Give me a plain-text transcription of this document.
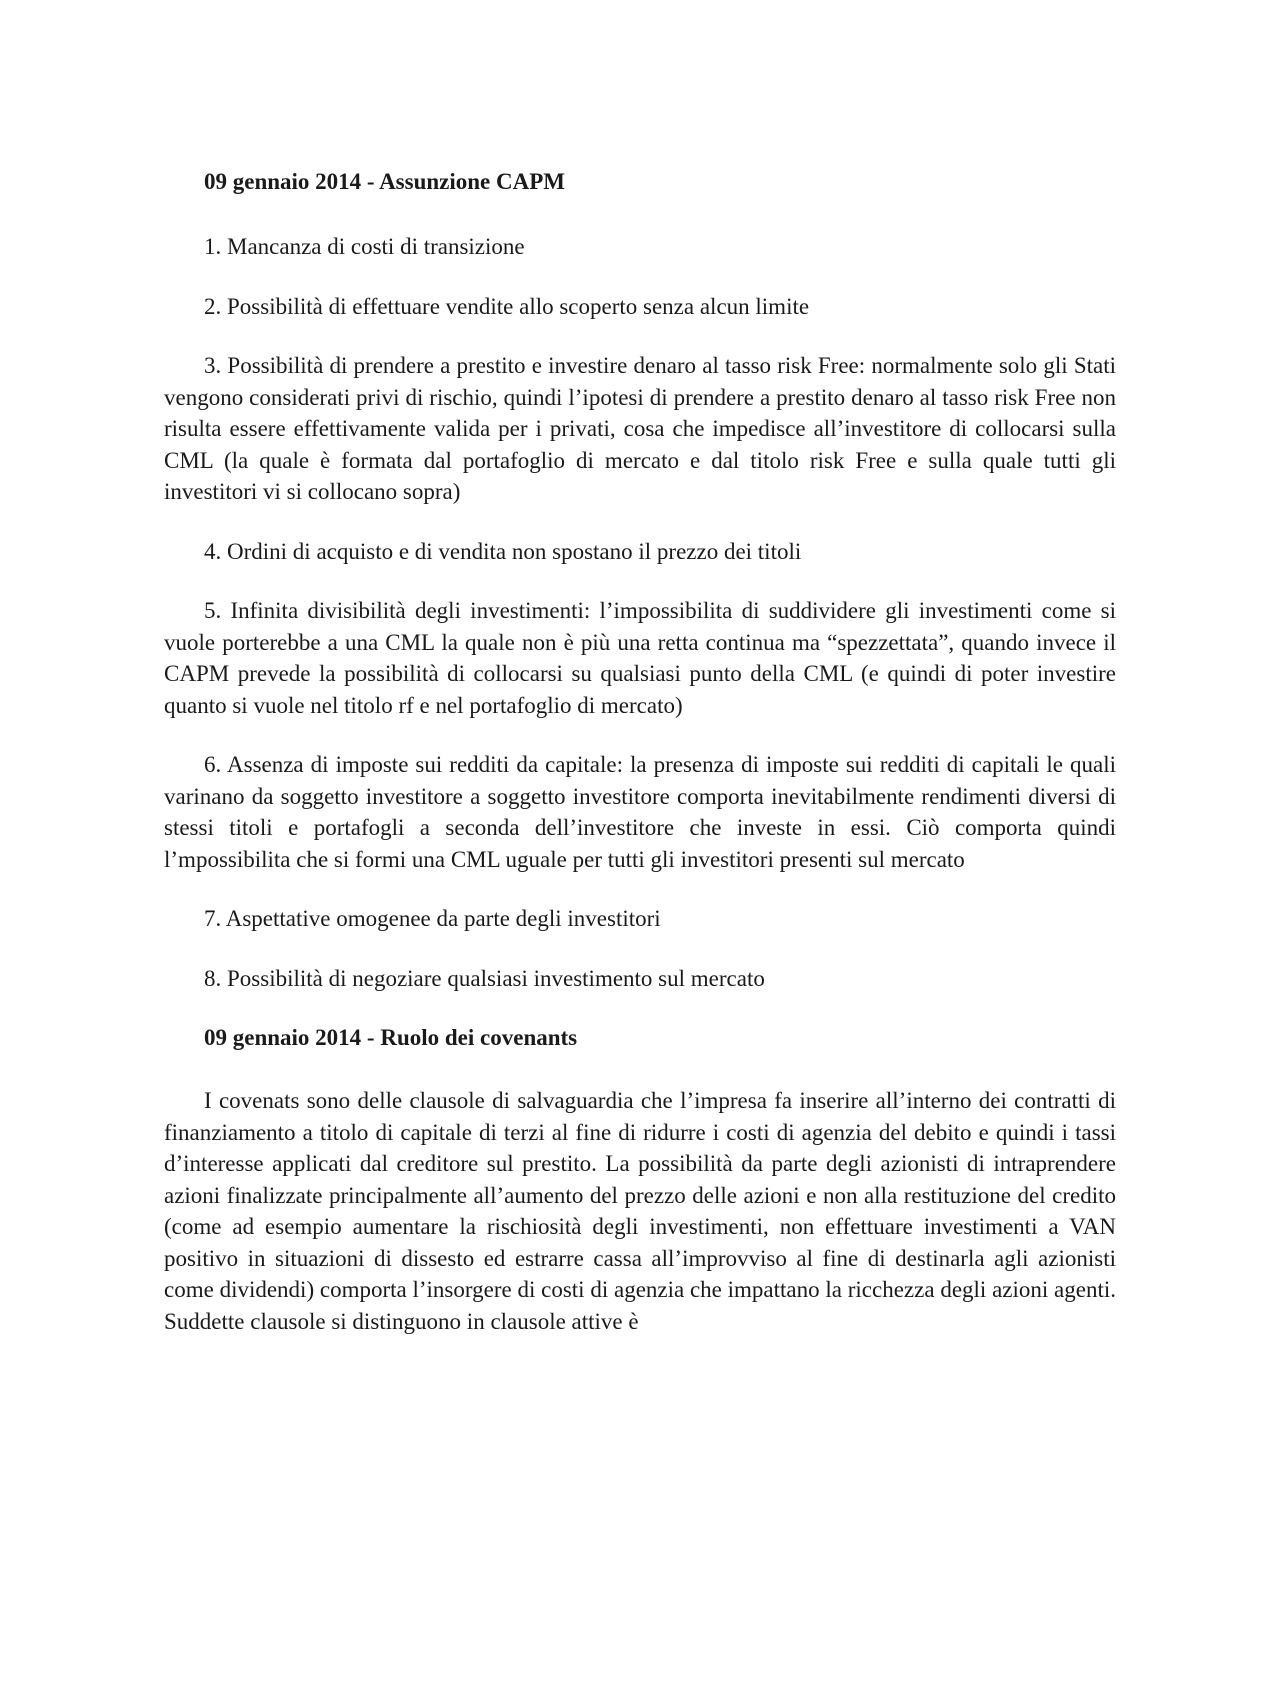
09 gennaio 2014 - Assunzione CAPM

1. Mancanza di costi di transizione

2. Possibilità di effettuare vendite allo scoperto senza alcun limite

3. Possibilità di prendere a prestito e investire denaro al tasso risk Free: normalmente solo gli Stati vengono considerati privi di rischio, quindi l’ipotesi di prendere a prestito denaro al tasso risk Free non risulta essere effettivamente valida per i privati, cosa che impedisce all’investitore di collocarsi sulla CML (la quale è formata dal portafoglio di mercato e dal titolo risk Free e sulla quale tutti gli investitori vi si collocano sopra)

4. Ordini di acquisto e di vendita non spostano il prezzo dei titoli

5. Infinita divisibilità degli investimenti: l’impossibilita di suddividere gli investimenti come si vuole porterebbe a una CML la quale non è più una retta continua ma “spezzettata”, quando invece il CAPM prevede la possibilità di collocarsi su qualsiasi punto della CML (e quindi di poter investire quanto si vuole nel titolo rf e nel portafoglio di mercato)

6. Assenza di imposte sui redditi da capitale: la presenza di imposte sui redditi di capitali le quali varinano da soggetto investitore a soggetto investitore comporta inevitabilmente rendimenti diversi di stessi titoli e portafogli a seconda dell’investitore che investe in essi. Ciò comporta quindi l’mpossibilita che si formi una CML uguale per tutti gli investitori presenti sul mercato

7. Aspettative omogenee da parte degli investitori

8. Possibilità di negoziare qualsiasi investimento sul mercato

09 gennaio 2014 - Ruolo dei covenants

I covenats sono delle clausole di salvaguardia che l’impresa fa inserire all’interno dei contratti di finanziamento a titolo di capitale di terzi al fine di ridurre i costi di agenzia del debito e quindi i tassi d’interesse applicati dal creditore sul prestito. La possibilità da parte degli azionisti di intraprendere azioni finalizzate principalmente all’aumento del prezzo delle azioni e non alla restituzione del credito (come ad esempio aumentare la rischiosità degli investimenti, non effettuare investimenti a VAN positivo in situazioni di dissesto ed estrarre cassa all’improvviso al fine di destinarla agli azionisti come dividendi) comporta l’insorgere di costi di agenzia che impattano la ricchezza degli azioni agenti. Suddette clausole si distinguono in clausole attive è
